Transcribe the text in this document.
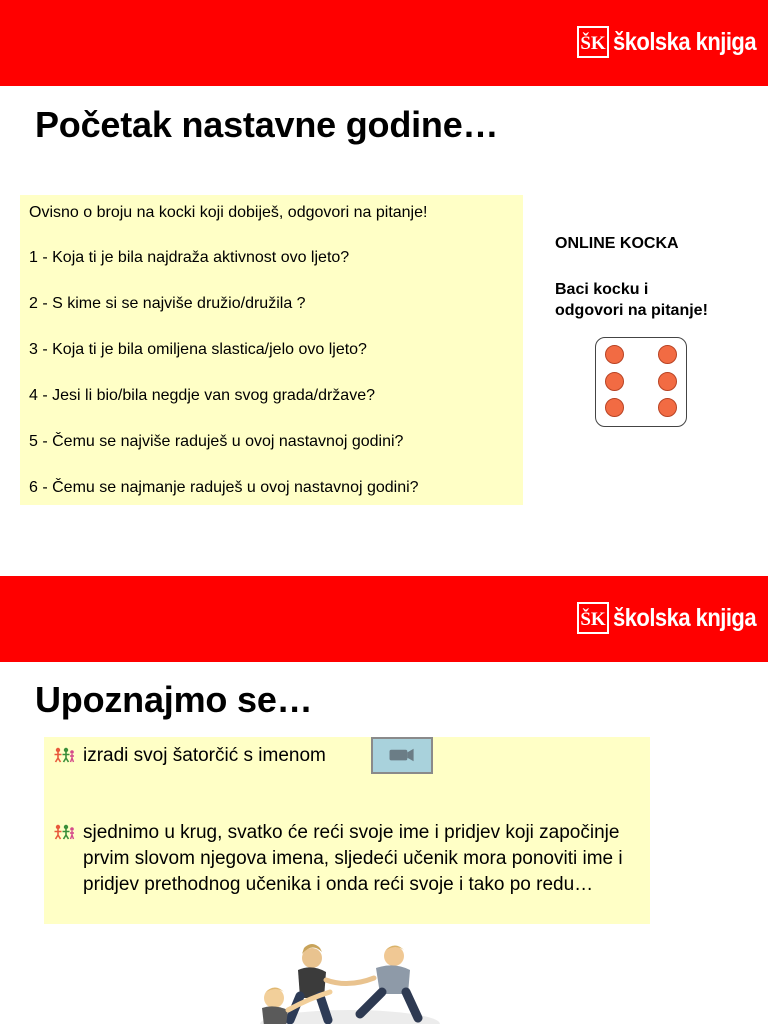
ŠK školska knjiga
Početak nastavne godine…
Ovisno o broju na kocki koji dobiješ, odgovori na pitanje!
1 - Koja ti je bila najdraža aktivnost ovo ljeto?
2 - S kime si se najviše družio/družila ?
3 - Koja ti je bila omiljena slastica/jelo ovo ljeto?
4 - Jesi li bio/bila negdje van svog grada/države?
5 - Čemu se najviše raduješ u ovoj nastavnoj godini?
6 - Čemu se najmanje raduješ u ovoj nastavnoj godini?
ONLINE KOCKA
Baci kocku i
odgovori na pitanje!
ŠK školska knjiga
Upoznajmo se…
izradi svoj šatorčić s imenom
sjednimo u krug, svatko će reći svoje ime i pridjev koji započinje prvim slovom njegova imena, sljedeći učenik mora ponoviti ime i pridjev prethodnog učenika i onda reći svoje i tako po redu…
